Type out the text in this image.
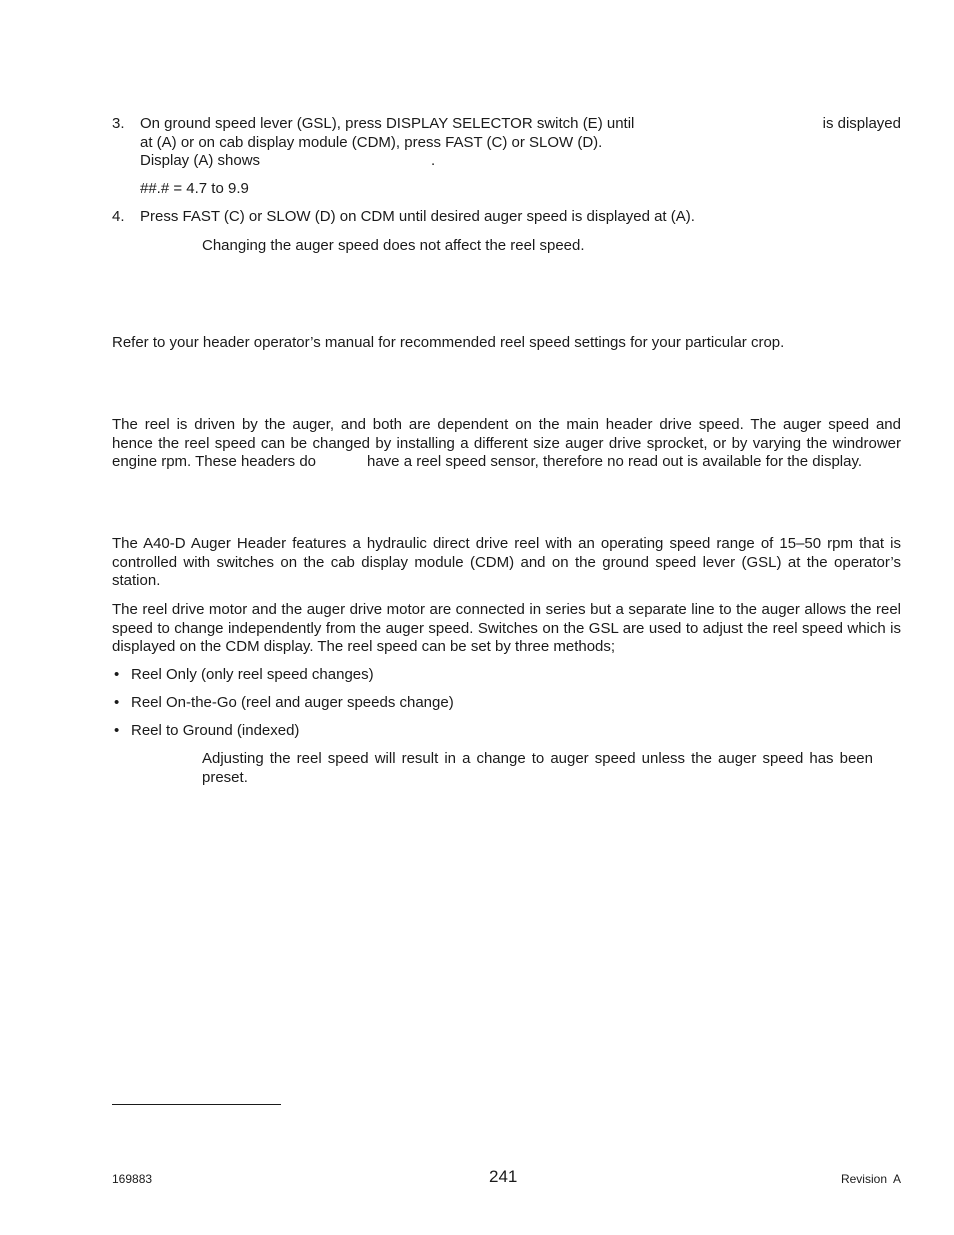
3. On ground speed lever (GSL), press DISPLAY SELECTOR switch (E) until	is displayed
at (A) or on cab display module (CDM), press FAST (C) or SLOW (D).
Display (A) shows	.
##.# = 4.7 to 9.9
4. Press FAST (C) or SLOW (D) on CDM until desired auger speed is displayed at (A).
Changing the auger speed does not affect the reel speed.
Refer to your header operator’s manual for recommended reel speed settings for your particular crop.
The reel is driven by the auger, and both are dependent on the main header drive speed. The auger speed and
hence the reel speed can be changed by installing a different size auger drive sprocket, or by varying the windrower
engine rpm. These headers do	have a reel speed sensor, therefore no read out is available for the display.
The A40-D Auger Header features a hydraulic direct drive reel with an operating speed range of 15–50 rpm that is controlled with switches on the cab display module (CDM) and on the ground speed lever (GSL) at the operator’s station.
The reel drive motor and the auger drive motor are connected in series but a separate line to the auger allows the reel speed to change independently from the auger speed. Switches on the GSL are used to adjust the reel speed which is displayed on the CDM display. The reel speed can be set by three methods;
• Reel Only (only reel speed changes)
• Reel On-the-Go (reel and auger speeds change)
• Reel to Ground (indexed)
Adjusting the reel speed will result in a change to auger speed unless the auger speed has been preset.
169883	241	Revision  A
